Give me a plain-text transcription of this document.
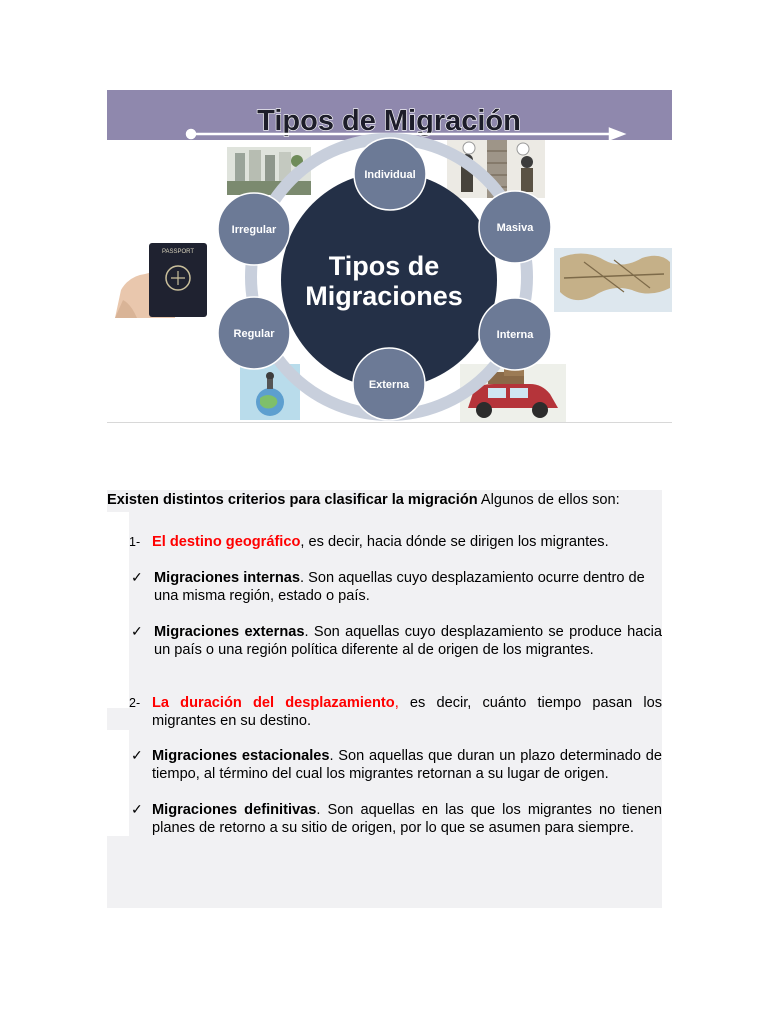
Tipos de Migración
PASSPORT	Tipos de
Migraciones
Individual
Masiva
Interna
Externa
Regular
Irregular
Existen distintos criterios para clasificar la migración Algunos de ellos son:
1- El destino geográfico, es decir, hacia dónde se dirigen los migrantes.
✓ Migraciones internas. Son aquellas cuyo desplazamiento ocurre dentro de una misma región, estado o país.
✓ Migraciones externas. Son aquellas cuyo desplazamiento se produce hacia un país o una región política diferente al de origen de los migrantes.
2- La duración del desplazamiento, es decir, cuánto tiempo pasan los migrantes en su destino.
✓ Migraciones estacionales. Son aquellas que duran un plazo determinado de tiempo, al término del cual los migrantes retornan a su lugar de origen.
✓ Migraciones definitivas. Son aquellas en las que los migrantes no tienen planes de retorno a su sitio de origen, por lo que se asumen para siempre.
